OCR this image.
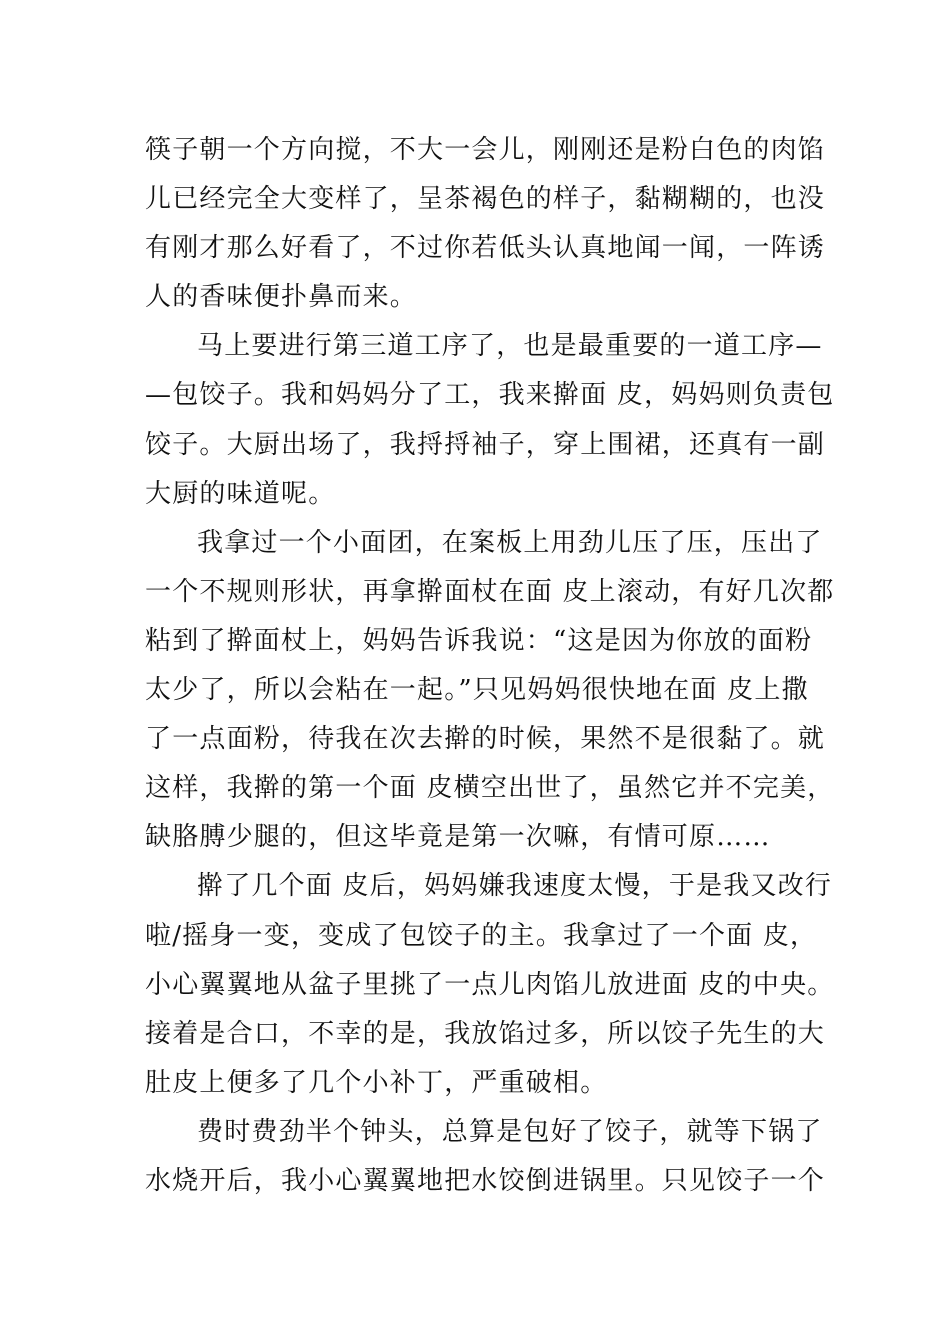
筷子朝一个方向搅，不大一会儿，刚刚还是粉白色的肉馅
儿已经完全大变样了，呈茶褐色的样子，黏糊糊的，也没
有刚才那么好看了，不过你若低头认真地闻一闻，一阵诱
人的香味便扑鼻而来。
马上要进行第三道工序了，也是最重要的一道工序—
—包饺子。我和妈妈分了工，我来擀面 皮，妈妈则负责包
饺子。大厨出场了，我捋捋袖子，穿上围裙，还真有一副
大厨的味道呢。
我拿过一个小面团，在案板上用劲儿压了压，压出了
一个不规则形状，再拿擀面杖在面 皮上滚动，有好几次都
粘到了擀面杖上，妈妈告诉我说：“这是因为你放的面粉
太少了，所以会粘在一起。”只见妈妈很快地在面 皮上撒
了一点面粉，待我在次去擀的时候，果然不是很黏了。就
这样，我擀的第一个面 皮横空出世了，虽然它并不完美，
缺胳膊少腿的，但这毕竟是第一次嘛，有情可原……
擀了几个面 皮后，妈妈嫌我速度太慢，于是我又改行
啦/摇身一变，变成了包饺子的主。我拿过了一个面 皮，
小心翼翼地从盆子里挑了一点儿肉馅儿放进面 皮的中央。
接着是合口，不幸的是，我放馅过多，所以饺子先生的大
肚皮上便多了几个小补丁，严重破相。
费时费劲半个钟头，总算是包好了饺子，就等下锅了
水烧开后，我小心翼翼地把水饺倒进锅里。只见饺子一个
